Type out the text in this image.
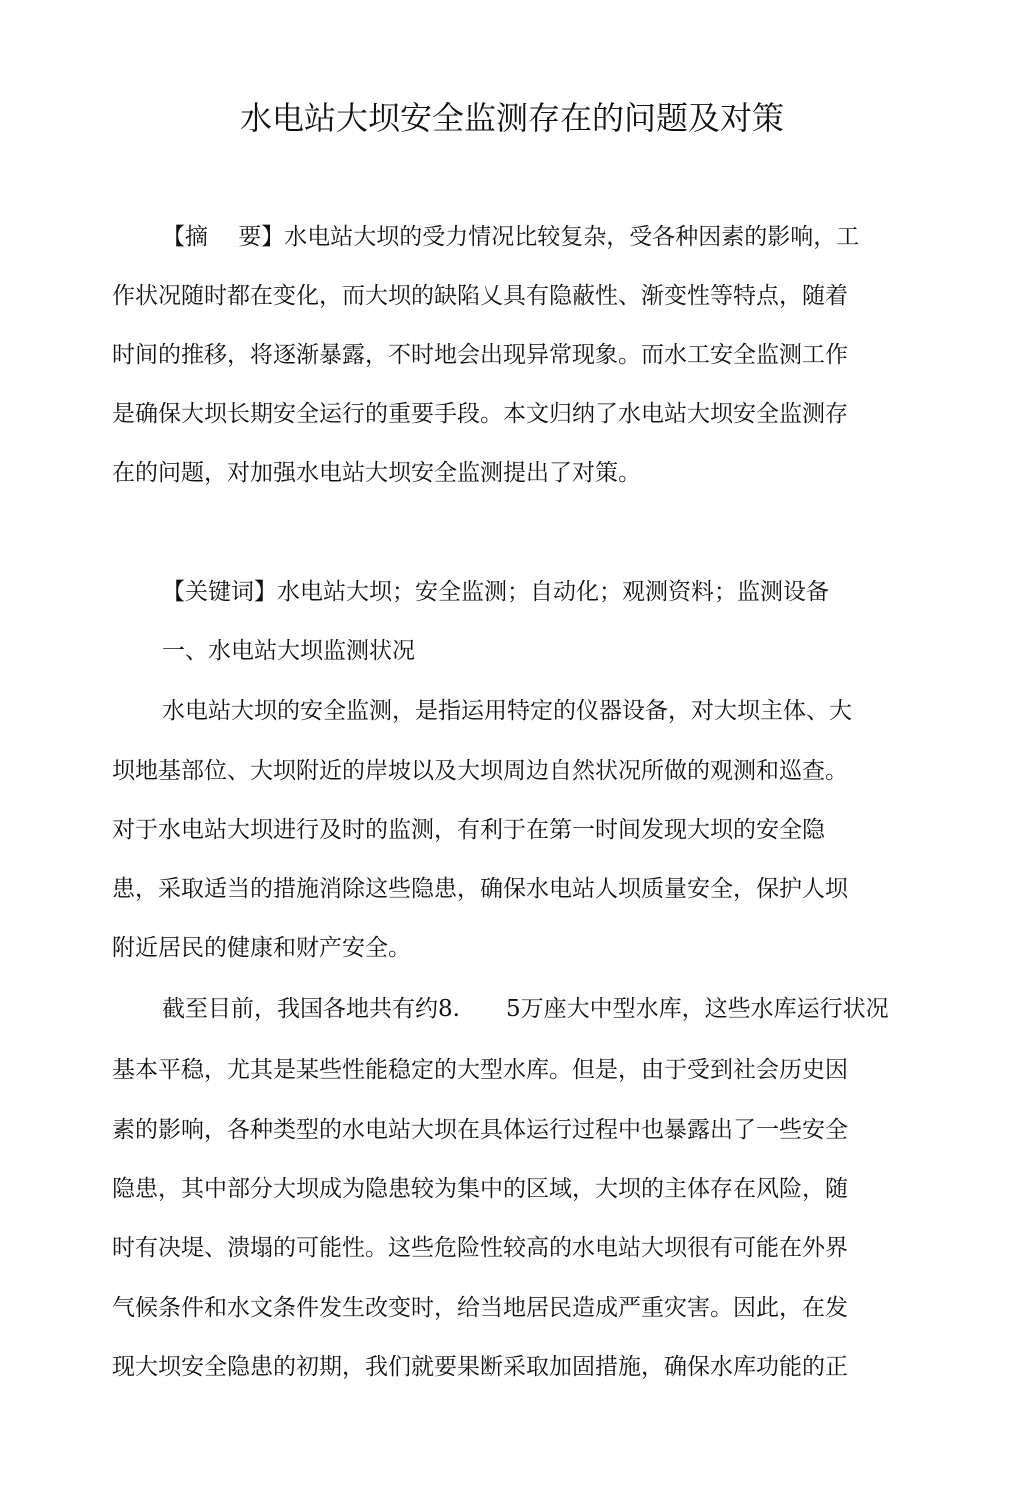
水电站大坝安全监测存在的问题及对策
【摘　 要】水电站大坝的受力情况比较复杂，受各种因素的影响，工
作状况随时都在变化，而大坝的缺陷乂具有隐蔽性、渐变性等特点，随着
时间的推移，将逐渐暴露，不时地会出现异常现象。而水工安全监测工作
是确保大坝长期安全运行的重要手段。本文归纳了水电站大坝安全监测存
在的问题，对加强水电站大坝安全监测提出了对策。
【关键词】水电站大坝；安全监测；自动化；观测资料；监测设备
一、水电站大坝监测状况
水电站大坝的安全监测，是指运用特定的仪器设备，对大坝主体、大
坝地基部位、大坝附近的岸坡以及大坝周边自然状况所做的观测和巡查。
对于水电站大坝进行及时的监测，有利于在第一时间发现大坝的安全隐
患，采取适当的措施消除这些隐患，确保水电站人坝质量安全，保护人坝
附近居民的健康和财产安全。
截至目前，我国各地共有约8.　　5万座大中型水库，这些水库运行状况
基本平稳，尤其是某些性能稳定的大型水库。但是，由于受到社会历史因
素的影响，各种类型的水电站大坝在具体运行过程中也暴露出了一些安全
隐患，其中部分大坝成为隐患较为集中的区域，大坝的主体存在风险，随
时有决堤、溃塌的可能性。这些危险性较高的水电站大坝很有可能在外界
气候条件和水文条件发生改变时，给当地居民造成严重灾害。因此，在发
现大坝安全隐患的初期，我们就要果断采取加固措施，确保水库功能的正
